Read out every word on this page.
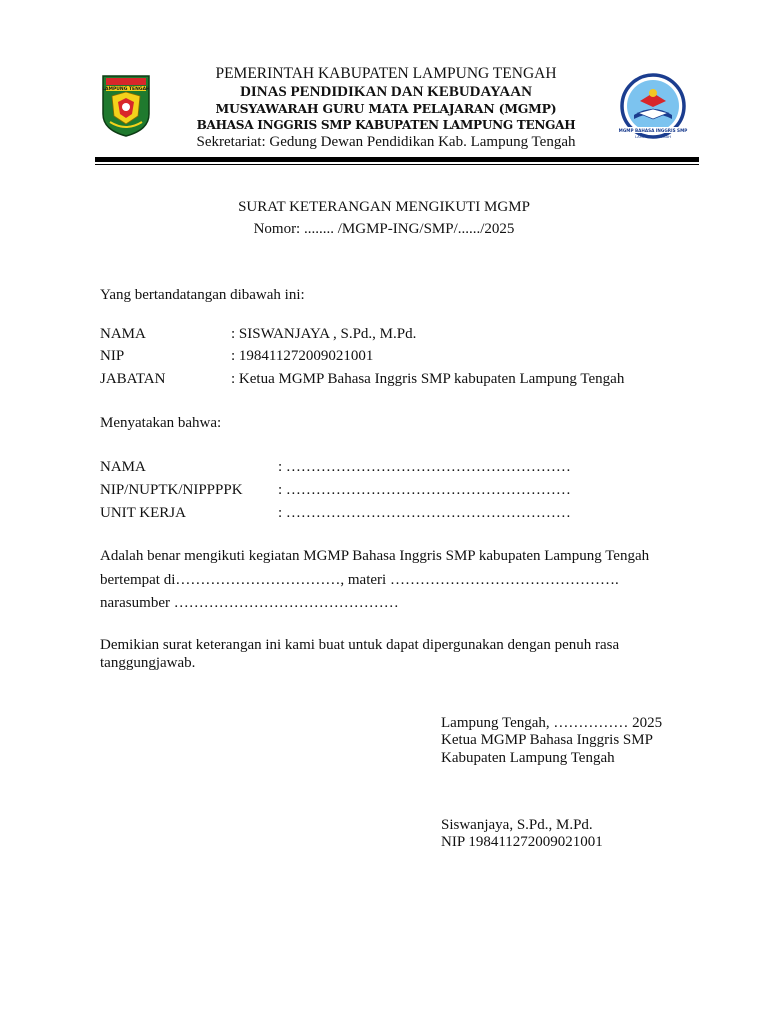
LAMPUNG TENGAH
MGMP BAHASA INGGRIS SMP
LAMPUNG TENGAH
PEMERINTAH KABUPATEN LAMPUNG TENGAH
DINAS PENDIDIKAN DAN KEBUDAYAAN
MUSYAWARAH GURU MATA PELAJARAN (MGMP)
BAHASA INGGRIS SMP KABUPATEN LAMPUNG TENGAH
Sekretariat: Gedung Dewan Pendidikan Kab. Lampung Tengah
SURAT KETERANGAN MENGIKUTI MGMP
Nomor: ........ /MGMP-ING/SMP/....../2025
Yang bertandatangan dibawah ini:
NAMA	: SISWANJAYA , S.Pd., M.Pd.
NIP	: 198411272009021001
JABATAN	: Ketua MGMP Bahasa Inggris SMP kabupaten Lampung Tengah
Menyatakan bahwa:
NAMA	: …………………………………………………
NIP/NUPTK/NIPPPPK : …………………………………………………
UNIT KERJA	: …………………………………………………
Adalah benar mengikuti kegiatan MGMP Bahasa Inggris SMP kabupaten Lampung Tengah
bertempat di……………………………, materi ……………………………………….
narasumber ………………………………………
Demikian surat keterangan ini kami buat untuk dapat dipergunakan dengan penuh rasa
tanggungjawab.
Lampung Tengah, …………… 2025
Ketua MGMP Bahasa Inggris SMP
Kabupaten Lampung Tengah
Siswanjaya, S.Pd., M.Pd.
NIP 198411272009021001
